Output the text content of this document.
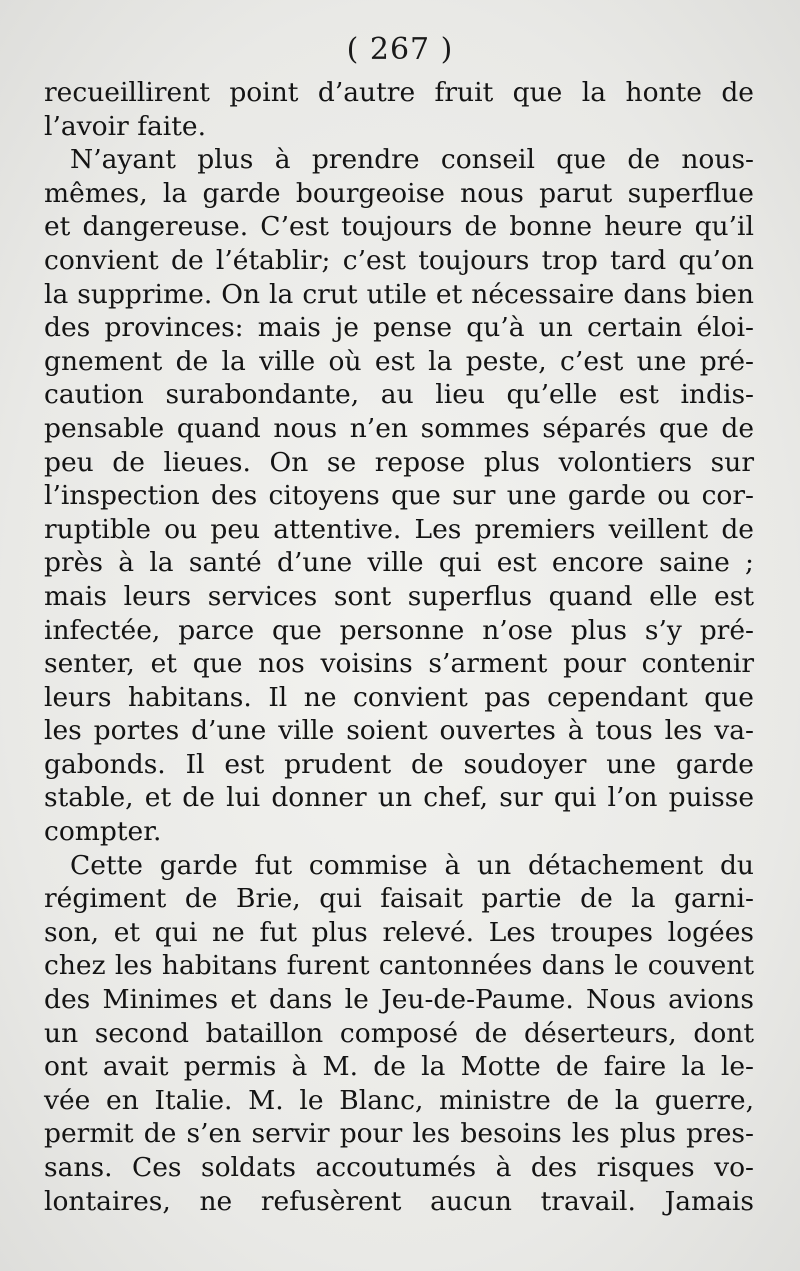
( 267 )
recueillirent point d’autre fruit que la honte de
l’avoir faite.
N’ayant plus à prendre conseil que de nous-
mêmes, la garde bourgeoise nous parut superflue
et dangereuse. C’est toujours de bonne heure qu’il
convient de l’établir; c’est toujours trop tard qu’on
la supprime. On la crut utile et nécessaire dans bien
des provinces: mais je pense qu’à un certain éloi-
gnement de la ville où est la peste, c’est une pré-
caution surabondante, au lieu qu’elle est indis-
pensable quand nous n’en sommes séparés que de
peu de lieues. On se repose plus volontiers sur
l’inspection des citoyens que sur une garde ou cor-
ruptible ou peu attentive. Les premiers veillent de
près à la santé d’une ville qui est encore saine ;
mais leurs services sont superflus quand elle est
infectée, parce que personne n’ose plus s’y pré-
senter, et que nos voisins s’arment pour contenir
leurs habitans. Il ne convient pas cependant que
les portes d’une ville soient ouvertes à tous les va-
gabonds. Il est prudent de soudoyer une garde
stable, et de lui donner un chef, sur qui l’on puisse
compter.
Cette garde fut commise à un détachement du
régiment de Brie, qui faisait partie de la garni-
son, et qui ne fut plus relevé. Les troupes logées
chez les habitans furent cantonnées dans le couvent
des Minimes et dans le Jeu-de-Paume. Nous avions
un second bataillon composé de déserteurs, dont
ont avait permis à M. de la Motte de faire la le-
vée en Italie. M. le Blanc, ministre de la guerre,
permit de s’en servir pour les besoins les plus pres-
sans. Ces soldats accoutumés à des risques vo-
lontaires, ne refusèrent aucun travail. Jamais
